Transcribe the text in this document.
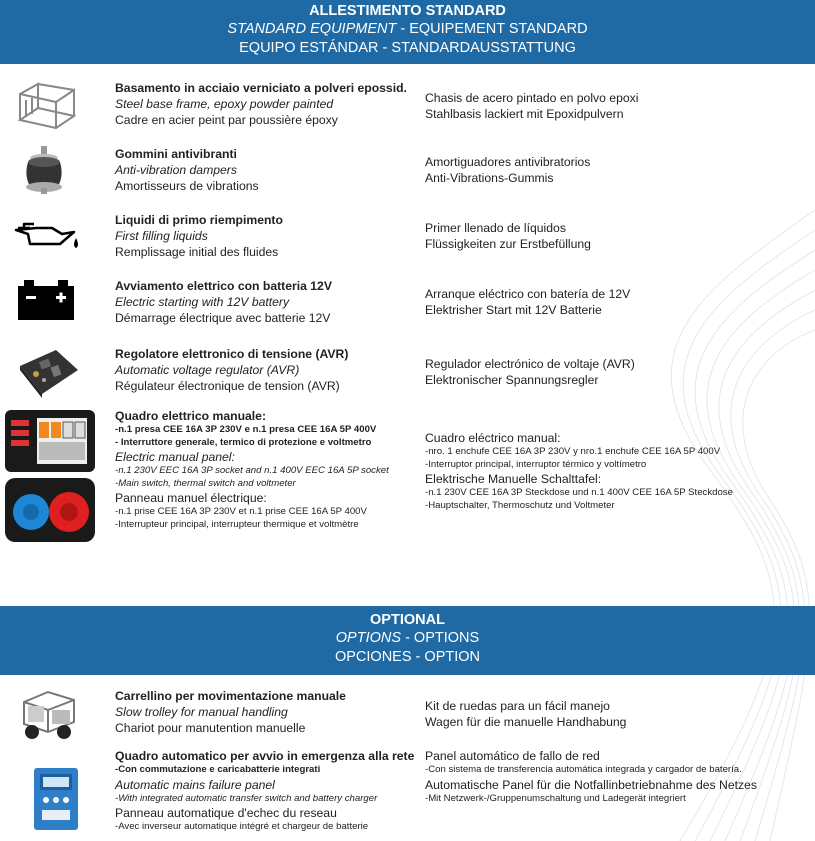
ALLESTIMENTO STANDARD
STANDARD EQUIPMENT - EQUIPEMENT STANDARD
EQUIPO ESTÁNDAR - STANDARDAUSSTATTUNG
Basamento in acciaio verniciato a polveri epossid.
Steel base frame, epoxy powder painted
Cadre en acier peint par poussière époxy
Chasis de acero pintado en polvo epoxi
Stahlbasis lackiert mit Epoxidpulvern
Gommini antivibranti
Anti-vibration dampers
Amortisseurs de vibrations
Amortiguadores antivibratorios
Anti-Vibrations-Gummis
Liquidi di primo riempimento
First filling liquids
Remplissage initial des fluides
Primer llenado de líquidos
Flüssigkeiten zur Erstbefüllung
Avviamento elettrico con batteria 12V
Electric starting with 12V battery
Démarrage électrique avec batterie 12V
Arranque eléctrico con batería de 12V
Elektrisher Start mit 12V Batterie
Regolatore elettronico di tensione (AVR)
Automatic voltage regulator (AVR)
Régulateur électronique de tension (AVR)
Regulador electrónico de voltaje (AVR)
Elektronischer Spannungsregler
Quadro elettrico manuale:
-n.1 presa CEE 16A 3P 230V e n.1 presa CEE 16A 5P 400V
- Interruttore generale, termico di protezione e voltmetro
Electric manual panel:
-n.1 230V EEC 16A 3P socket and n.1 400V EEC 16A 5P socket
-Main switch, thermal switch and voltmeter
Panneau manuel électrique:
-n.1 prise CEE 16A 3P 230V et n.1 prise CEE 16A 5P 400V
-Interrupteur principal, interrupteur thermique et voltmètre
Cuadro eléctrico manual:
-nro. 1 enchufe CEE 16A 3P 230V y nro.1 enchufe CEE 16A 5P 400V
-Interruptor principal, interruptor térmico y voltímetro
Elektrische Manuelle Schalttafel:
-n.1 230V CEE 16A 3P Steckdose und n.1 400V CEE 16A 5P Steckdose
-Hauptschalter, Thermoschutz und Voltmeter
OPTIONAL
OPTIONS - OPTIONS
OPCIONES - OPTION
Carrellino per movimentazione manuale
Slow trolley for manual handling
Chariot pour manutention manuelle
Kit de ruedas para un fácil manejo
Wagen für die manuelle Handhabung
Quadro automatico per avvio in emergenza alla rete
-Con commutazione e caricabatterie integrati
Automatic mains failure panel
-With integrated automatic transfer switch and battery charger
Panneau automatique d'echec du reseau
-Avec inverseur automatique intégré et chargeur de batterie
Panel automático de fallo de red
-Con sistema de transferencia automática integrada y cargador de batería.
Automatische Panel für die Notfallinbetriebnahme des Netzes
-Mit Netzwerk-/Gruppenumschaltung und Ladegerät integriert
